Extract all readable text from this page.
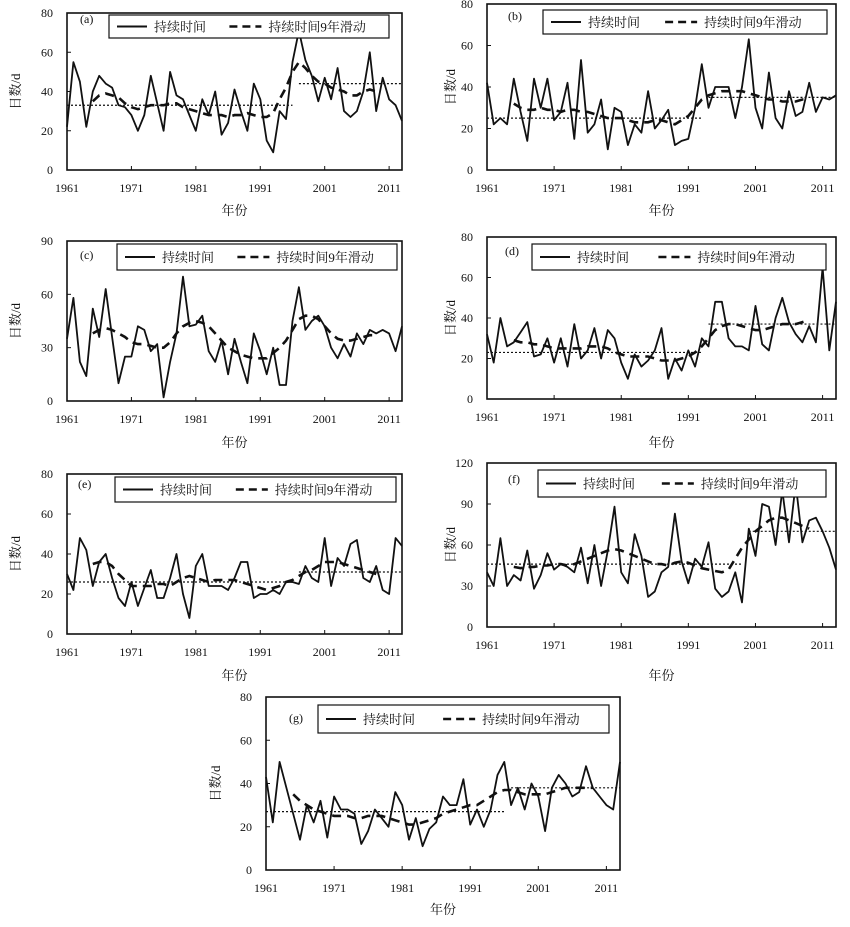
0
20
40
60
80
1961	1971	1981	1991	2001	2011
日数/d
年份
(a)
持续时间	持续时间9年滑动
0
20
40
60
80
1961	1971	1981	1991	2001	2011
日数/d
年份
(b)	持续时间	持续时间9年滑动
0
30
60
90
1961	1971	1981	1991	2001	2011
日数/d
年份
(c)	持续时间	持续时间9年滑动
0
20
40
60
80
1961	1971	1981	1991	2001	2011
日数/d
年份
(d)	持续时间	持续时间9年滑动
0
20
40
60
80
1961	1971	1981	1991	2001	2011
日数/d
年份
(e)	持续时间	持续时间9年滑动
0
30
60
90
120
1961	1971	1981	1991	2001	2011
日数/d
年份
(f)	持续时间	持续时间9年滑动
0
20
40
60
80
1961	1971	1981	1991	2001	2011
日数/d
年份
(g)	持续时间	持续时间9年滑动
